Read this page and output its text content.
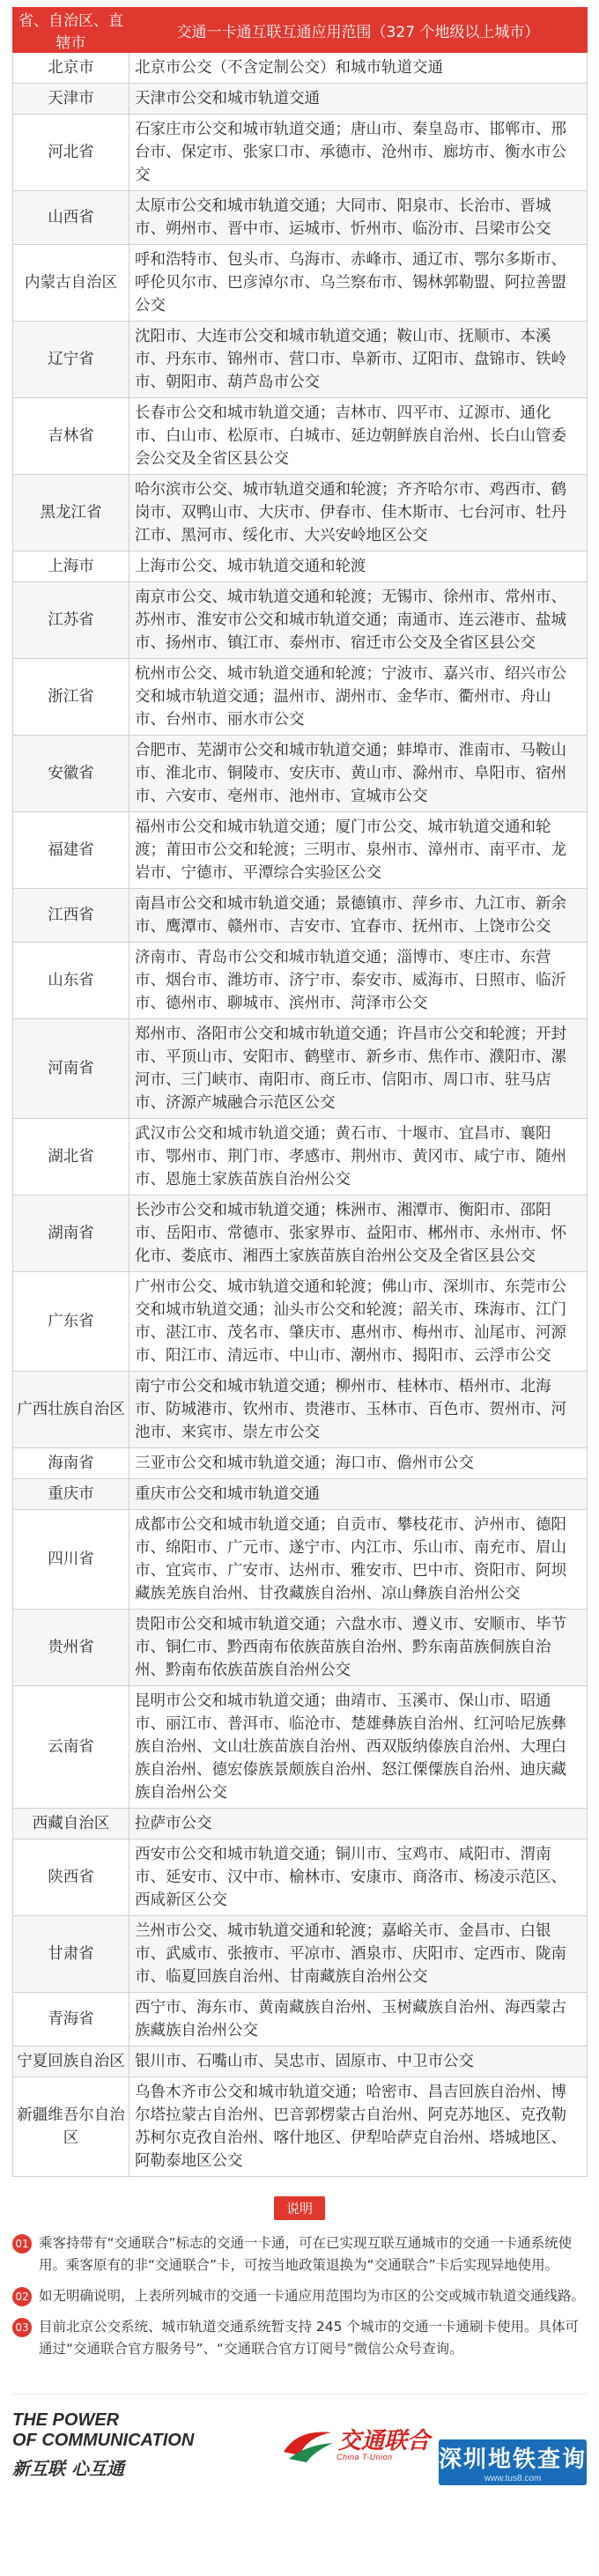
省、自治区、直辖市	交通一卡通互联互通应用范围（327 个地级以上城市）
北京市	北京市公交（不含定制公交）和城市轨道交通
天津市	天津市公交和城市轨道交通
河北省	石家庄市公交和城市轨道交通；唐山市、秦皇岛市、邯郸市、邢台市、保定市、张家口市、承德市、沧州市、廊坊市、衡水市公交
山西省	太原市公交和城市轨道交通；大同市、阳泉市、长治市、晋城市、朔州市、晋中市、运城市、忻州市、临汾市、吕梁市公交
内蒙古自治区	呼和浩特市、包头市、乌海市、赤峰市、通辽市、鄂尔多斯市、呼伦贝尔市、巴彦淖尔市、乌兰察布市、锡林郭勒盟、阿拉善盟公交
辽宁省	沈阳市、大连市公交和城市轨道交通；鞍山市、抚顺市、本溪市、丹东市、锦州市、营口市、阜新市、辽阳市、盘锦市、铁岭市、朝阳市、葫芦岛市公交
吉林省	长春市公交和城市轨道交通；吉林市、四平市、辽源市、通化市、白山市、松原市、白城市、延边朝鲜族自治州、长白山管委会公交及全省区县公交
黑龙江省	哈尔滨市公交、城市轨道交通和轮渡；齐齐哈尔市、鸡西市、鹤岗市、双鸭山市、大庆市、伊春市、佳木斯市、七台河市、牡丹江市、黑河市、绥化市、大兴安岭地区公交
上海市	上海市公交、城市轨道交通和轮渡
江苏省	南京市公交、城市轨道交通和轮渡；无锡市、徐州市、常州市、苏州市、淮安市公交和城市轨道交通；南通市、连云港市、盐城市、扬州市、镇江市、泰州市、宿迁市公交及全省区县公交
浙江省	杭州市公交、城市轨道交通和轮渡；宁波市、嘉兴市、绍兴市公交和城市轨道交通；温州市、湖州市、金华市、衢州市、舟山市、台州市、丽水市公交
安徽省	合肥市、芜湖市公交和城市轨道交通；蚌埠市、淮南市、马鞍山市、淮北市、铜陵市、安庆市、黄山市、滁州市、阜阳市、宿州市、六安市、亳州市、池州市、宣城市公交
福建省	福州市公交和城市轨道交通；厦门市公交、城市轨道交通和轮渡；莆田市公交和轮渡；三明市、泉州市、漳州市、南平市、龙岩市、宁德市、平潭综合实验区公交
江西省	南昌市公交和城市轨道交通；景德镇市、萍乡市、九江市、新余市、鹰潭市、赣州市、吉安市、宜春市、抚州市、上饶市公交
山东省	济南市、青岛市公交和城市轨道交通；淄博市、枣庄市、东营市、烟台市、潍坊市、济宁市、泰安市、威海市、日照市、临沂市、德州市、聊城市、滨州市、菏泽市公交
河南省	郑州市、洛阳市公交和城市轨道交通；许昌市公交和轮渡；开封市、平顶山市、安阳市、鹤壁市、新乡市、焦作市、濮阳市、漯河市、三门峡市、南阳市、商丘市、信阳市、周口市、驻马店市、济源产城融合示范区公交
湖北省	武汉市公交和城市轨道交通；黄石市、十堰市、宜昌市、襄阳市、鄂州市、荆门市、孝感市、荆州市、黄冈市、咸宁市、随州市、恩施土家族苗族自治州公交
湖南省	长沙市公交和城市轨道交通；株洲市、湘潭市、衡阳市、邵阳市、岳阳市、常德市、张家界市、益阳市、郴州市、永州市、怀化市、娄底市、湘西土家族苗族自治州公交及全省区县公交
广东省	广州市公交、城市轨道交通和轮渡；佛山市、深圳市、东莞市公交和城市轨道交通；汕头市公交和轮渡；韶关市、珠海市、江门市、湛江市、茂名市、肇庆市、惠州市、梅州市、汕尾市、河源市、阳江市、清远市、中山市、潮州市、揭阳市、云浮市公交
广西壮族自治区	南宁市公交和城市轨道交通；柳州市、桂林市、梧州市、北海市、防城港市、钦州市、贵港市、玉林市、百色市、贺州市、河池市、来宾市、崇左市公交
海南省	三亚市公交和城市轨道交通；海口市、儋州市公交
重庆市	重庆市公交和城市轨道交通
四川省	成都市公交和城市轨道交通；自贡市、攀枝花市、泸州市、德阳市、绵阳市、广元市、遂宁市、内江市、乐山市、南充市、眉山市、宜宾市、广安市、达州市、雅安市、巴中市、资阳市、阿坝藏族羌族自治州、甘孜藏族自治州、凉山彝族自治州公交
贵州省	贵阳市公交和城市轨道交通；六盘水市、遵义市、安顺市、毕节市、铜仁市、黔西南布依族苗族自治州、黔东南苗族侗族自治州、黔南布依族苗族自治州公交
云南省	昆明市公交和城市轨道交通；曲靖市、玉溪市、保山市、昭通市、丽江市、普洱市、临沧市、楚雄彝族自治州、红河哈尼族彝族自治州、文山壮族苗族自治州、西双版纳傣族自治州、大理白族自治州、德宏傣族景颇族自治州、怒江傈僳族自治州、迪庆藏族自治州公交
西藏自治区	拉萨市公交
陕西省	西安市公交和城市轨道交通；铜川市、宝鸡市、咸阳市、渭南市、延安市、汉中市、榆林市、安康市、商洛市、杨凌示范区、西咸新区公交
甘肃省	兰州市公交、城市轨道交通和轮渡；嘉峪关市、金昌市、白银市、武威市、张掖市、平凉市、酒泉市、庆阳市、定西市、陇南市、临夏回族自治州、甘南藏族自治州公交
青海省	西宁市、海东市、黄南藏族自治州、玉树藏族自治州、海西蒙古族藏族自治州公交
宁夏回族自治区	银川市、石嘴山市、吴忠市、固原市、中卫市公交
新疆维吾尔自治区	乌鲁木齐市公交和城市轨道交通；哈密市、昌吉回族自治州、博尔塔拉蒙古自治州、巴音郭楞蒙古自治州、阿克苏地区、克孜勒苏柯尔克孜自治州、喀什地区、伊犁哈萨克自治州、塔城地区、阿勒泰地区公交
说明
01 乘客持带有“交通联合”标志的交通一卡通，可在已实现互联互通城市的交通一卡通系统使用。乘客原有的非“交通联合”卡，可按当地政策退换为“交通联合”卡后实现异地使用。
02 如无明确说明，上表所列城市的交通一卡通应用范围均为市区的公交或城市轨道交通线路。
03 目前北京公交系统、城市轨道交通系统暂支持 245 个城市的交通一卡通刷卡使用。具体可通过“交通联合官方服务号”、“交通联合官方订阅号”微信公众号查询。
THE POWER
OF COMMUNICATION
新互联 心互通
交通联合
China T-Union	深圳地铁查询
www.tus8.com
